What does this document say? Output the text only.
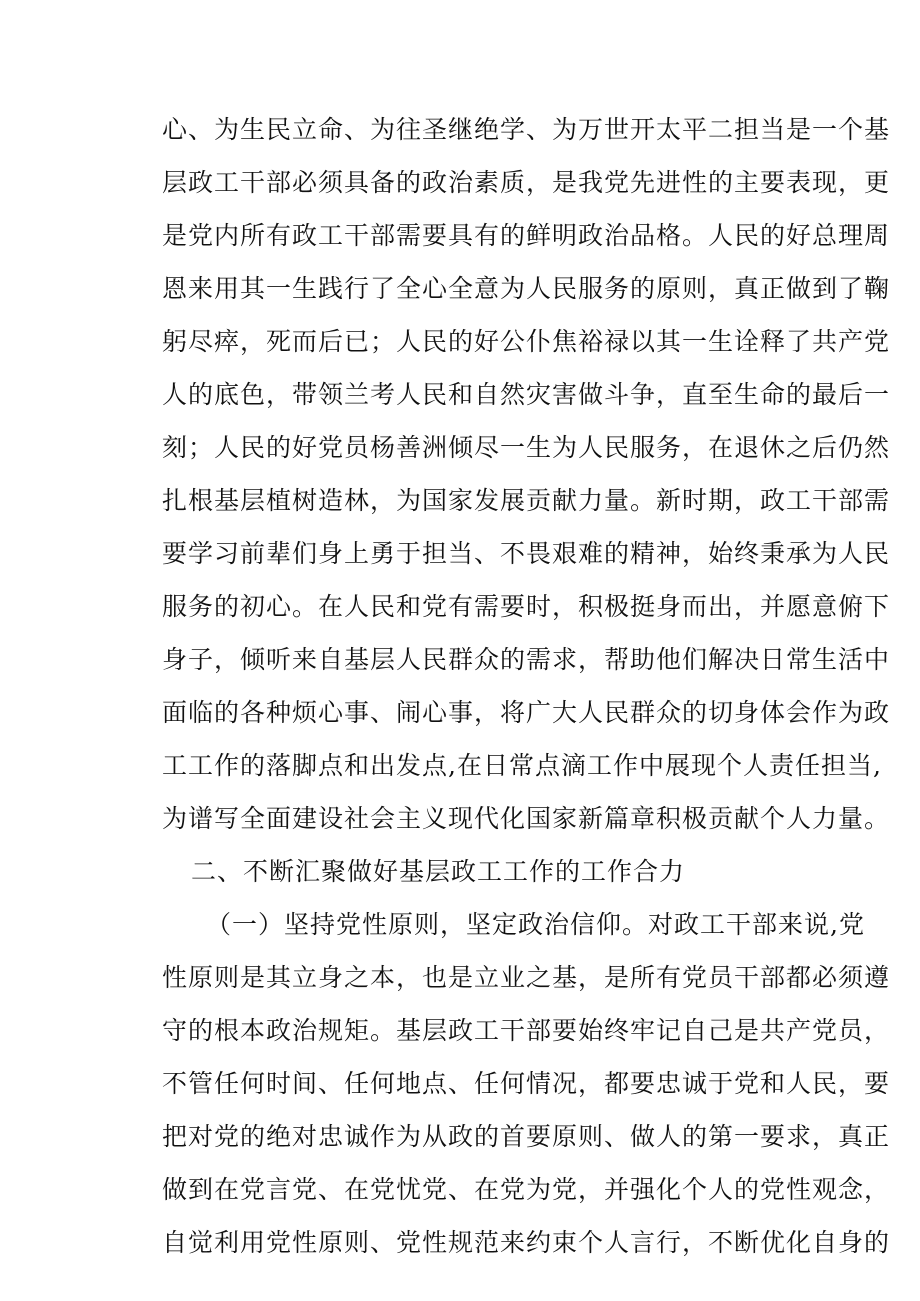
心、为生民立命、为往圣继绝学、为万世开太平二担当是一个基
层政工干部必须具备的政治素质，是我党先进性的主要表现，更
是党内所有政工干部需要具有的鲜明政治品格。人民的好总理周
恩来用其一生践行了全心全意为人民服务的原则，真正做到了鞠
躬尽瘁，死而后已；人民的好公仆焦裕禄以其一生诠释了共产党
人的底色，带领兰考人民和自然灾害做斗争，直至生命的最后一
刻；人民的好党员杨善洲倾尽一生为人民服务，在退休之后仍然
扎根基层植树造林，为国家发展贡献力量。新时期，政工干部需
要学习前辈们身上勇于担当、不畏艰难的精神，始终秉承为人民
服务的初心。在人民和党有需要时，积极挺身而出，并愿意俯下
身子，倾听来自基层人民群众的需求，帮助他们解决日常生活中
面临的各种烦心事、闹心事，将广大人民群众的切身体会作为政
工工作的落脚点和出发点,在日常点滴工作中展现个人责任担当,
为谱写全面建设社会主义现代化国家新篇章积极贡献个人力量。
二、不断汇聚做好基层政工工作的工作合力
（一）坚持党性原则，坚定政治信仰。对政工干部来说,党
性原则是其立身之本，也是立业之基，是所有党员干部都必须遵
守的根本政治规矩。基层政工干部要始终牢记自己是共产党员，
不管任何时间、任何地点、任何情况，都要忠诚于党和人民，要
把对党的绝对忠诚作为从政的首要原则、做人的第一要求，真正
做到在党言党、在党忧党、在党为党，并强化个人的党性观念，
自觉利用党性原则、党性规范来约束个人言行，不断优化自身的
